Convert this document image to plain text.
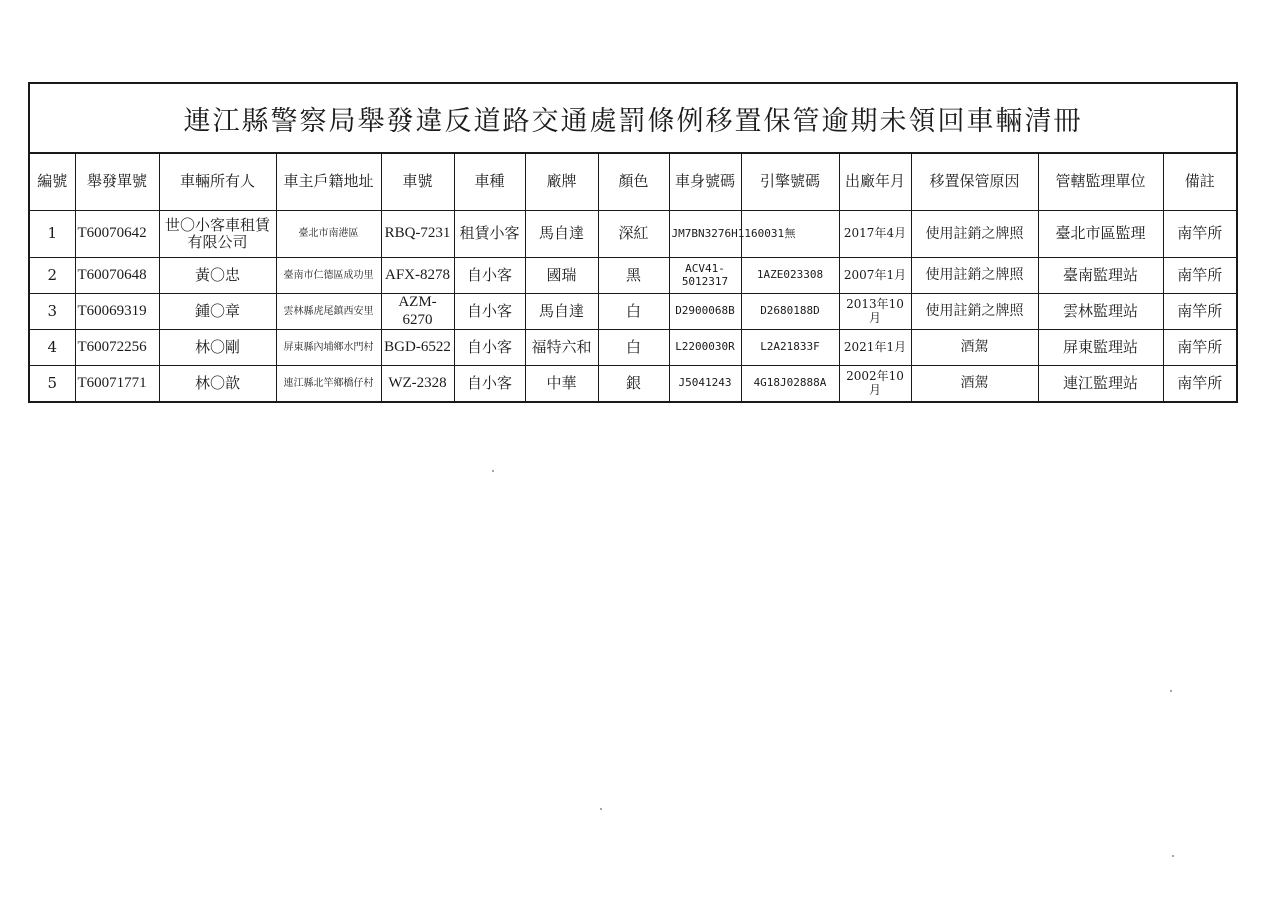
連江縣警察局舉發違反道路交通處罰條例移置保管逾期未領回車輛清冊
編號	舉發單號	車輛所有人	車主戶籍地址	車號	車種	廠牌	顏色	車身號碼	引擎號碼	出廠年月	移置保管原因	管轄監理單位	備註
1	T60070642	世〇小客車租賃有限公司	臺北市南港區	RBQ-7231	租賃小客	馬自達	深紅	JM7BN3276H1160031	無	2017年4月	使用註銷之牌照	臺北市區監理	南竿所
2	T60070648	黃〇忠	臺南市仁德區成功里	AFX-8278	自小客	國瑞	黑	ACV41-5012317	1AZE023308	2007年1月	使用註銷之牌照	臺南監理站	南竿所
3	T60069319	鍾〇章	雲林縣虎尾鎮西安里	AZM-6270	自小客	馬自達	白	D2900068B	D2680188D	2013年10月	使用註銷之牌照	雲林監理站	南竿所
4	T60072256	林〇剛	屏東縣內埔鄉水門村	BGD-6522	自小客	福特六和	白	L2200030R	L2A21833F	2021年1月	酒駕	屏東監理站	南竿所
5	T60071771	林〇歆	連江縣北竿鄉橋仔村	WZ-2328	自小客	中華	銀	J5041243	4G18J02888A	2002年10月	酒駕	連江監理站	南竿所
